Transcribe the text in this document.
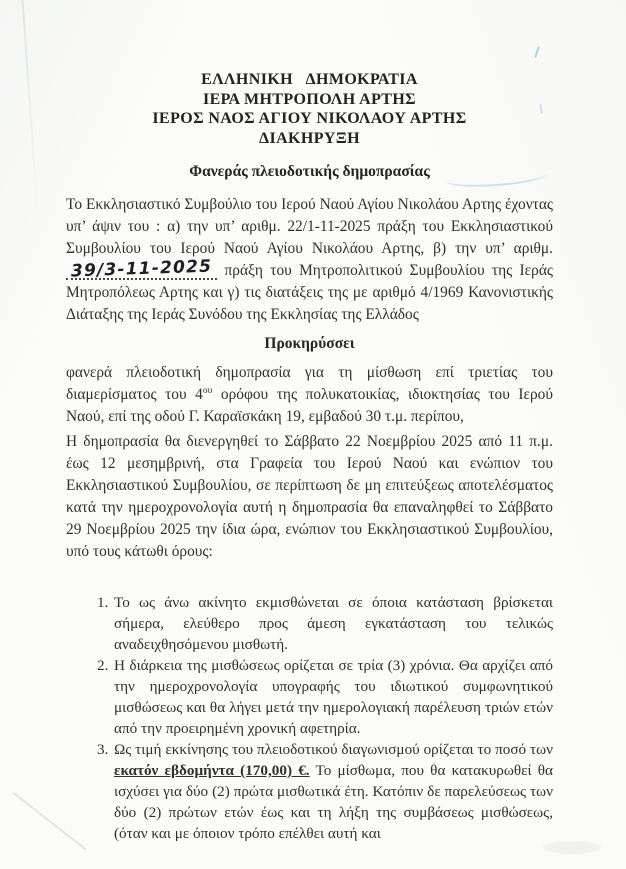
ΕΛΛΗΝΙΚΗ ΔΗΜΟΚΡΑΤΙΑ
ΙΕΡΑ ΜΗΤΡΟΠΟΛΗ ΑΡΤΗΣ
ΙΕΡΟΣ ΝΑΟΣ ΑΓΙΟΥ ΝΙΚΟΛΑΟΥ ΑΡΤΗΣ
ΔΙΑΚΗΡΥΞΗ
Φανεράς πλειοδοτικής δημοπρασίας

Το Εκκλησιαστικό Συμβούλιο του Ιερού Ναού Αγίου Νικολάου Αρτης έχοντας υπ’ άψιν του : α) την υπ’ αριθμ. 22/1-11-2025 πράξη του Εκκλησιαστικού Συμβουλίου του Ιερού Ναού Αγίου Νικολάου Αρτης, β) την υπ’ αριθμ. 39/3-11-2025 πράξη του Μητροπολιτικού Συμβουλίου της Ιεράς Μητροπόλεως Αρτης και γ) τις διατάξεις της με αριθμό 4/1969 Κανονιστικής Διάταξης της Ιεράς Συνόδου της Εκκλησίας της Ελλάδος

Προκηρύσσει

φανερά πλειοδοτική δημοπρασία για τη μίσθωση επί τριετίας του διαμερίσματος του $4^{o\upsilon}$ ορόφου της πολυκατοικίας, ιδιοκτησίας του Ιερού Ναού, επί της οδού Γ. Καραϊσκάκη 19, εμβαδού 30 τ.μ. περίπου,

Η δημοπρασία θα διενεργηθεί το Σάββατο 22 Νοεμβρίου 2025 από 11 π.μ. έως 12 μεσημβρινή, στα Γραφεία του Ιερού Ναού και ενώπιον του Εκκλησιαστικού Συμβουλίου, σε περίπτωση δε μη επιτεύξεως αποτελέσματος κατά την ημεροχρονολογία αυτή η δημοπρασία θα επαναληφθεί το Σάββατο 29 Νοεμβρίου 2025 την ίδια ώρα, ενώπιον του Εκκλησιαστικού Συμβουλίου, υπό τους κάτωθι όρους:

1. Το ως άνω ακίνητο εκμισθώνεται σε όποια κατάσταση βρίσκεται σήμερα, ελεύθερο προς άμεση εγκατάσταση του τελικώς αναδειχθησόμενου μισθωτή.
2. Η διάρκεια της μισθώσεως ορίζεται σε τρία (3) χρόνια. Θα αρχίζει από την ημεροχρονολογία υπογραφής του ιδιωτικού συμφωνητικού μισθώσεως και θα λήγει μετά την ημερολογιακή παρέλευση τριών ετών από την προειρημένη χρονική αφετηρία.
3. Ως τιμή εκκίνησης του πλειοδοτικού διαγωνισμού ορίζεται το ποσό των εκατόν εβδομήντα (170,00) €. Το μίσθωμα, που θα κατακυρωθεί θα ισχύσει για δύο (2) πρώτα μισθωτικά έτη. Κατόπιν δε παρελεύσεως των δύο (2) πρώτων ετών έως και τη λήξη της συμβάσεως μισθώσεως, (όταν και με όποιον τρόπο επέλθει αυτή και
